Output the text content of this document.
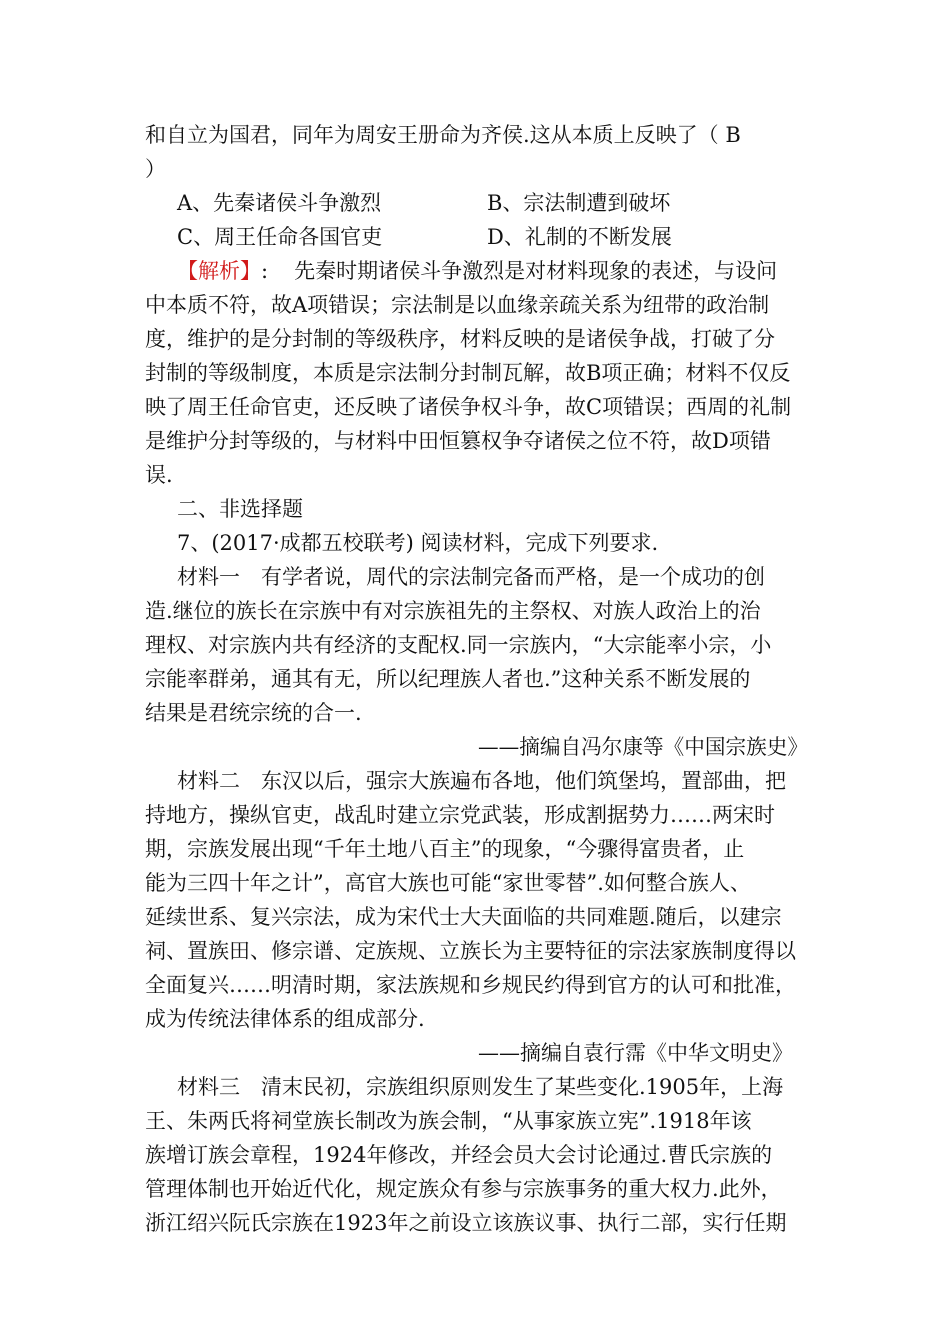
和自立为国君，同年为周安王册命为齐侯.这从本质上反映了（ B
）
A、先秦诸侯斗争激烈	B、宗法制遭到破坏
C、周王任命各国官吏	D、礼制的不断发展
【解析】: 先秦时期诸侯斗争激烈是对材料现象的表述，与设问
中本质不符，故A项错误；宗法制是以血缘亲疏关系为纽带的政治制
度，维护的是分封制的等级秩序，材料反映的是诸侯争战，打破了分
封制的等级制度，本质是宗法制分封制瓦解，故B项正确；材料不仅反
映了周王任命官吏，还反映了诸侯争权斗争，故C项错误；西周的礼制
是维护分封等级的，与材料中田恒篡权争夺诸侯之位不符，故D项错
误.
二、非选择题
7、(2017·成都五校联考) 阅读材料，完成下列要求.
材料一　有学者说，周代的宗法制完备而严格，是一个成功的创
造.继位的族长在宗族中有对宗族祖先的主祭权、对族人政治上的治
理权、对宗族内共有经济的支配权.同一宗族内，“大宗能率小宗，小
宗能率群弟，通其有无，所以纪理族人者也.”这种关系不断发展的
结果是君统宗统的合一.
——摘编自冯尔康等《中国宗族史》
材料二　东汉以后，强宗大族遍布各地，他们筑堡坞，置部曲，把
持地方，操纵官吏，战乱时建立宗党武装，形成割据势力……两宋时
期，宗族发展出现“千年土地八百主”的现象，“今骤得富贵者，止
能为三四十年之计”，高官大族也可能“家世零替”.如何整合族人、
延续世系、复兴宗法，成为宋代士大夫面临的共同难题.随后，以建宗
祠、置族田、修宗谱、定族规、立族长为主要特征的宗法家族制度得以
全面复兴……明清时期，家法族规和乡规民约得到官方的认可和批准，
成为传统法律体系的组成部分.
——摘编自袁行霈《中华文明史》
材料三　清末民初，宗族组织原则发生了某些变化.1905年，上海
王、朱两氏将祠堂族长制改为族会制，“从事家族立宪”.1918年该
族增订族会章程，1924年修改，并经会员大会讨论通过.曹氏宗族的
管理体制也开始近代化，规定族众有参与宗族事务的重大权力.此外，
浙江绍兴阮氏宗族在1923年之前设立该族议事、执行二部，实行任期
